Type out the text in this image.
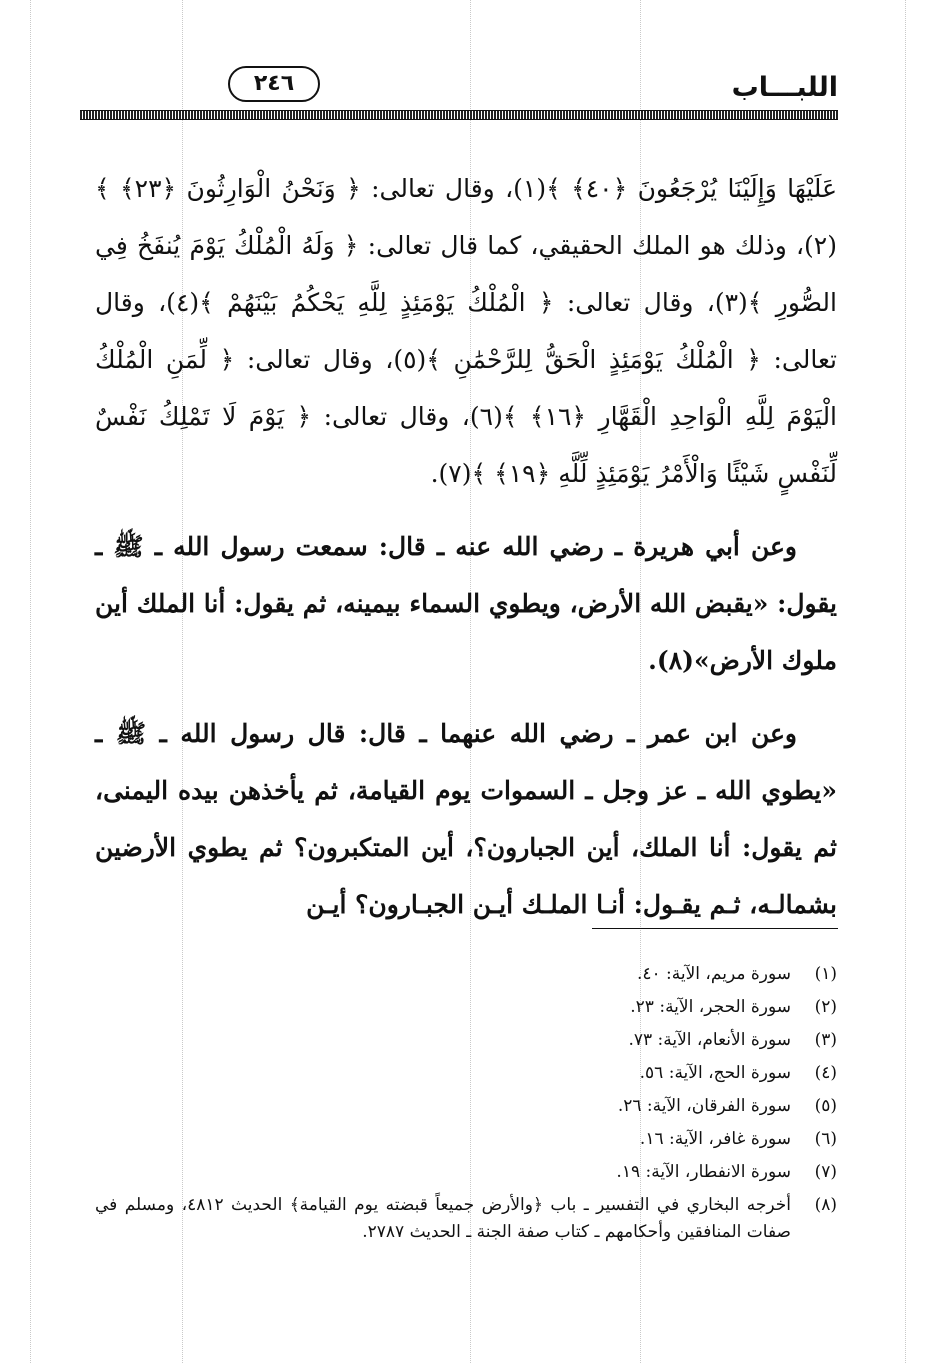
٢٤٦	اللبـــاب

عَلَيْهَا وَإِلَيْنَا يُرْجَعُونَ ﴿٤٠﴾ ﴾(١)، وقال تعالى: ﴿ وَنَحْنُ الْوَارِثُونَ ﴿٢٣﴾ ﴾(٢)، وذلك هو الملك الحقيقي، كما قال تعالى: ﴿ وَلَهُ الْمُلْكُ يَوْمَ يُنفَخُ فِي الصُّورِ ﴾(٣)، وقال تعالى: ﴿ الْمُلْكُ يَوْمَئِذٍ لِلَّهِ يَحْكُمُ بَيْنَهُمْ ﴾(٤)، وقال تعالى: ﴿ الْمُلْكُ يَوْمَئِذٍ الْحَقُّ لِلرَّحْمَٰنِ ﴾(٥)، وقال تعالى: ﴿ لِّمَنِ الْمُلْكُ الْيَوْمَ لِلَّهِ الْوَاحِدِ الْقَهَّارِ ﴿١٦﴾ ﴾(٦)، وقال تعالى: ﴿ يَوْمَ لَا تَمْلِكُ نَفْسٌ لِّنَفْسٍ شَيْئًا وَالْأَمْرُ يَوْمَئِذٍ لِّلَّهِ ﴿١٩﴾ ﴾(٧).

وعن أبي هريرة ـ رضي الله عنه ـ قال: سمعت رسول الله ـ ﷺ ـ يقول: «يقبض الله الأرض، ويطوي السماء بيمينه، ثم يقول: أنا الملك أين ملوك الأرض»(٨).

وعن ابن عمر ـ رضي الله عنهما ـ قال: قال رسول الله ـ ﷺ ـ «يطوي الله ـ عز وجل ـ السموات يوم القيامة، ثم يأخذهن بيده اليمنى، ثم يقول: أنا الملك، أين الجبارون؟، أين المتكبرون؟ ثم يطوي الأرضين بشمالـه، ثـم يقـول: أنـا الملـك أيـن الجبـارون؟ أيـن

(١)
سورة مريم، الآية: ٤٠.
(٢)
سورة الحجر، الآية: ٢٣.
(٣)
سورة الأنعام، الآية: ٧٣.
(٤)
سورة الحج، الآية: ٥٦.
(٥)
سورة الفرقان، الآية: ٢٦.
(٦)
سورة غافر، الآية: ١٦.
(٧)
سورة الانفطار، الآية: ١٩.
(٨)
أخرجه البخاري في التفسير ـ باب ﴿والأرض جميعاً قبضته يوم القيامة﴾ الحديث ٤٨١٢، ومسلم في صفات المنافقين وأحكامهم ـ كتاب صفة الجنة ـ الحديث ٢٧٨٧.
